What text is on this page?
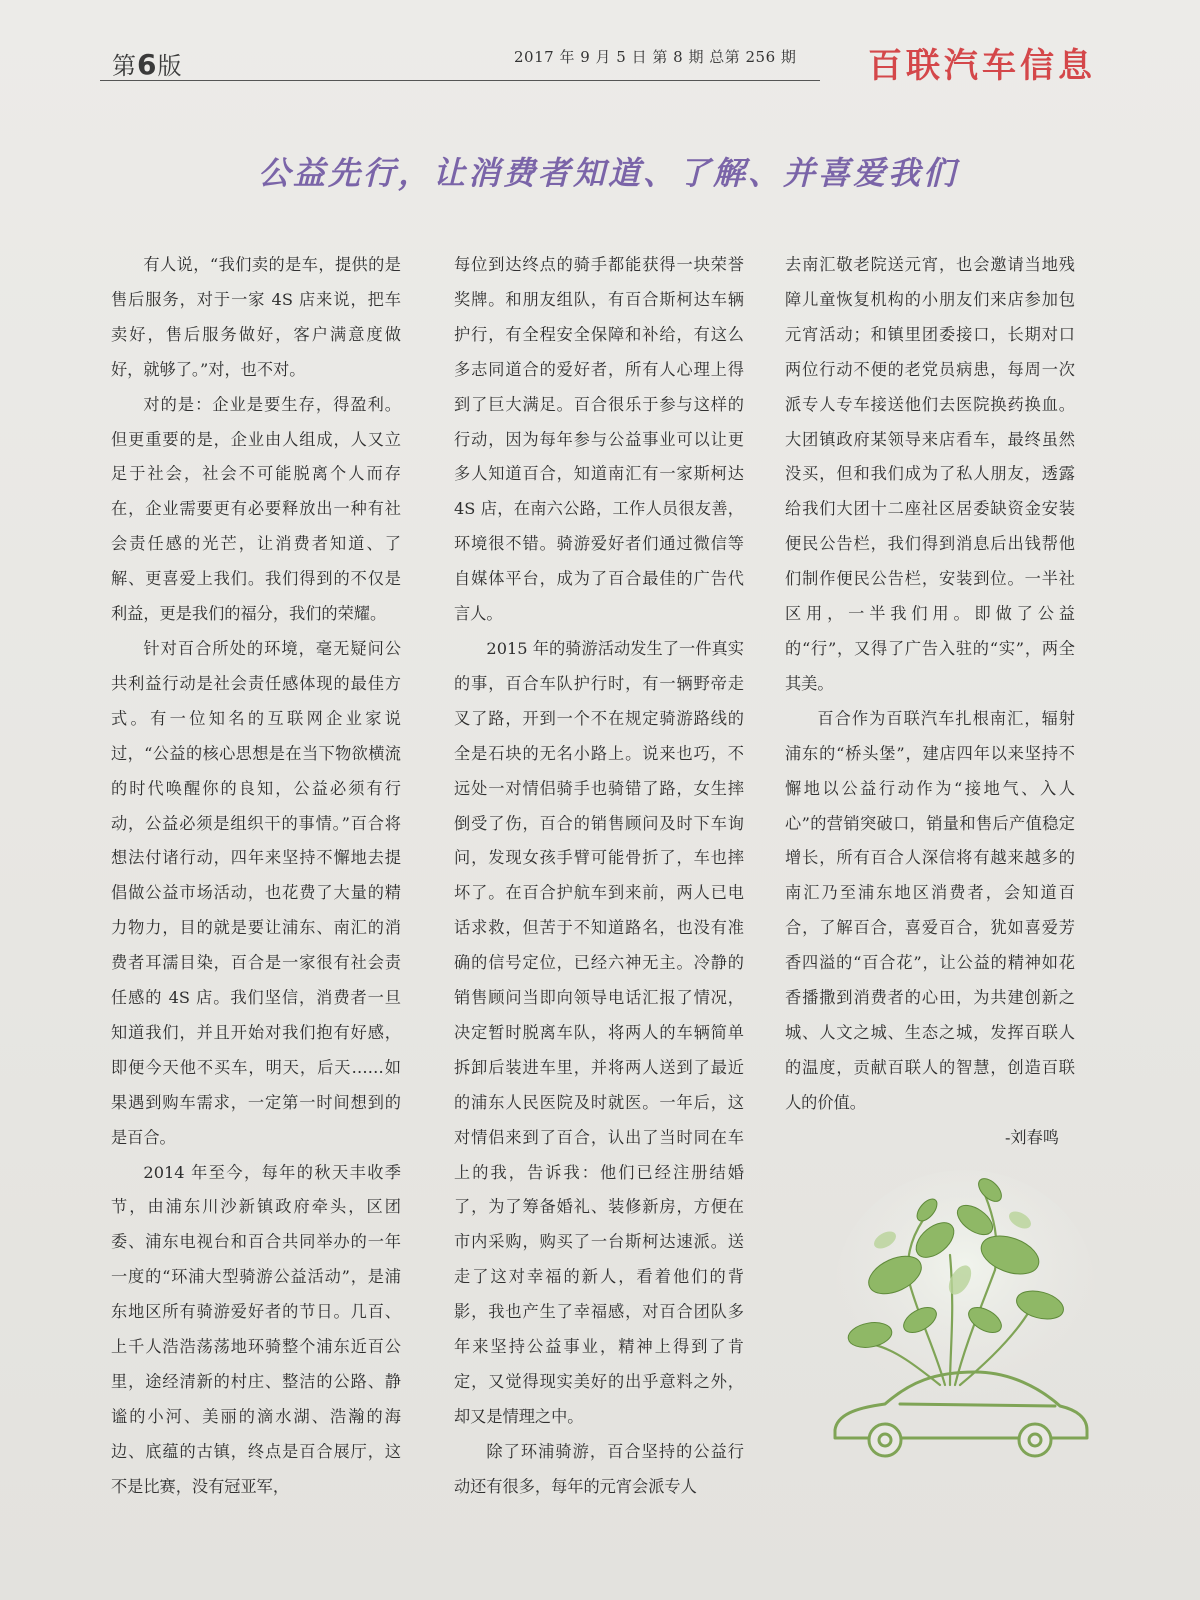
第6版	2017 年 9 月 5 日 第 8 期 总第 256 期 百联汽车信息
公益先行，让消费者知道、了解、并喜爱我们

有人说，“我们卖的是车，提供的是售后服务，对于一家 4S 店来说，把车卖好，售后服务做好，客户满意度做好，就够了。”对，也不对。

对的是：企业是要生存，得盈利。但更重要的是，企业由人组成，人又立足于社会，社会不可能脱离个人而存在，企业需要更有必要释放出一种有社会责任感的光芒，让消费者知道、了解、更喜爱上我们。我们得到的不仅是利益，更是我们的福分，我们的荣耀。

针对百合所处的环境，毫无疑问公共利益行动是社会责任感体现的最佳方式。有一位知名的互联网企业家说过，“公益的核心思想是在当下物欲横流的时代唤醒你的良知，公益必须有行动，公益必须是组织干的事情。”百合将想法付诸行动，四年来坚持不懈地去提倡做公益市场活动，也花费了大量的精力物力，目的就是要让浦东、南汇的消费者耳濡目染，百合是一家很有社会责任感的 4S 店。我们坚信，消费者一旦知道我们，并且开始对我们抱有好感，即便今天他不买车，明天，后天……如果遇到购车需求，一定第一时间想到的是百合。

2014 年至今，每年的秋天丰收季节，由浦东川沙新镇政府牵头，区团委、浦东电视台和百合共同举办的一年一度的“环浦大型骑游公益活动”，是浦东地区所有骑游爱好者的节日。几百、上千人浩浩荡荡地环骑整个浦东近百公里，途经清新的村庄、整洁的公路、静谧的小河、美丽的滴水湖、浩瀚的海边、底蕴的古镇，终点是百合展厅，这不是比赛，没有冠亚军，

每位到达终点的骑手都能获得一块荣誉奖牌。和朋友组队，有百合斯柯达车辆护行，有全程安全保障和补给，有这么多志同道合的爱好者，所有人心理上得到了巨大满足。百合很乐于参与这样的行动，因为每年参与公益事业可以让更多人知道百合，知道南汇有一家斯柯达 4S 店，在南六公路，工作人员很友善，环境很不错。骑游爱好者们通过微信等自媒体平台，成为了百合最佳的广告代言人。

2015 年的骑游活动发生了一件真实的事，百合车队护行时，有一辆野帝走叉了路，开到一个不在规定骑游路线的全是石块的无名小路上。说来也巧，不远处一对情侣骑手也骑错了路，女生摔倒受了伤，百合的销售顾问及时下车询问，发现女孩手臂可能骨折了，车也摔坏了。在百合护航车到来前，两人已电话求救，但苦于不知道路名，也没有准确的信号定位，已经六神无主。冷静的销售顾问当即向领导电话汇报了情况，决定暂时脱离车队，将两人的车辆简单拆卸后装进车里，并将两人送到了最近的浦东人民医院及时就医。一年后，这对情侣来到了百合，认出了当时同在车上的我，告诉我：他们已经注册结婚了，为了筹备婚礼、装修新房，方便在市内采购，购买了一台斯柯达速派。送走了这对幸福的新人，看着他们的背影，我也产生了幸福感，对百合团队多年来坚持公益事业，精神上得到了肯定，又觉得现实美好的出乎意料之外，却又是情理之中。

除了环浦骑游，百合坚持的公益行动还有很多，每年的元宵会派专人

去南汇敬老院送元宵，也会邀请当地残障儿童恢复机构的小朋友们来店参加包元宵活动；和镇里团委接口，长期对口两位行动不便的老党员病患，每周一次派专人专车接送他们去医院换药换血。大团镇政府某领导来店看车，最终虽然没买，但和我们成为了私人朋友，透露给我们大团十二座社区居委缺资金安装便民公告栏，我们得到消息后出钱帮他们制作便民公告栏，安装到位。一半社区用，一半我们用。即做了公益的“行”，又得了广告入驻的“实”，两全其美。

百合作为百联汽车扎根南汇，辐射浦东的“桥头堡”，建店四年以来坚持不懈地以公益行动作为“接地气、入人心”的营销突破口，销量和售后产值稳定增长，所有百合人深信将有越来越多的南汇乃至浦东地区消费者，会知道百合，了解百合，喜爱百合，犹如喜爱芳香四溢的“百合花”，让公益的精神如花香播撒到消费者的心田，为共建创新之城、人文之城、生态之城，发挥百联人的温度，贡献百联人的智慧，创造百联人的价值。

-刘春鸣
